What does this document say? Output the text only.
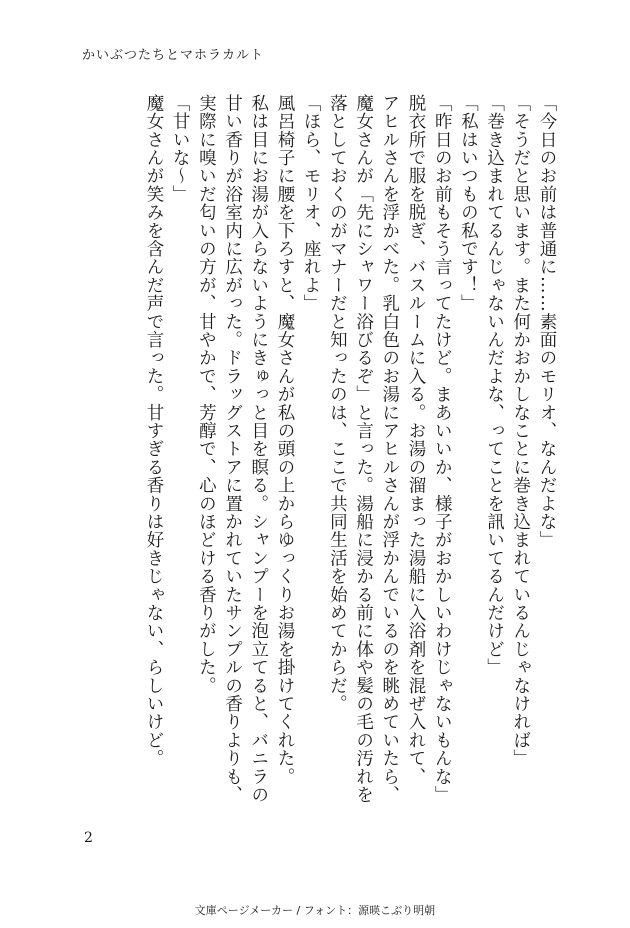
かいぶつたちとマホラカルト

「今日のお前は普通に……素面のモリオ、なんだよな」

「そうだと思います。また何かおかしなことに巻き込まれているんじゃなければ」

「巻き込まれてるんじゃないんだよな、ってことを訊いてるんだけど」

「私はいつもの私です！」

「昨日のお前もそう言ってたけど。まあいいか、様子がおかしいわけじゃないもんな」

脱衣所で服を脱ぎ、バスルームに入る。お湯の溜まった湯船に入浴剤を混ぜ入れて、

アヒルさんを浮かべた。乳白色のお湯にアヒルさんが浮かんでいるのを眺めていたら、

魔女さんが「先にシャワー浴びるぞ」と言った。湯船に浸かる前に体や髪の毛の汚れを

落としておくのがマナーだと知ったのは、ここで共同生活を始めてからだ。

「ほら、モリオ、座れよ」

風呂椅子に腰を下ろすと、魔女さんが私の頭の上からゆっくりお湯を掛けてくれた。

私は目にお湯が入らないようにきゅっと目を瞑る。シャンプーを泡立てると、バニラの

甘い香りが浴室内に広がった。ドラッグストアに置かれていたサンプルの香りよりも、

実際に嗅いだ匂いの方が、甘やかで、芳醇で、心のほどける香りがした。

「甘いな～」

魔女さんが笑みを含んだ声で言った。甘すぎる香りは好きじゃない、らしいけど。

2
文庫ページメーカー / フォント：源暎こぶり明朝
